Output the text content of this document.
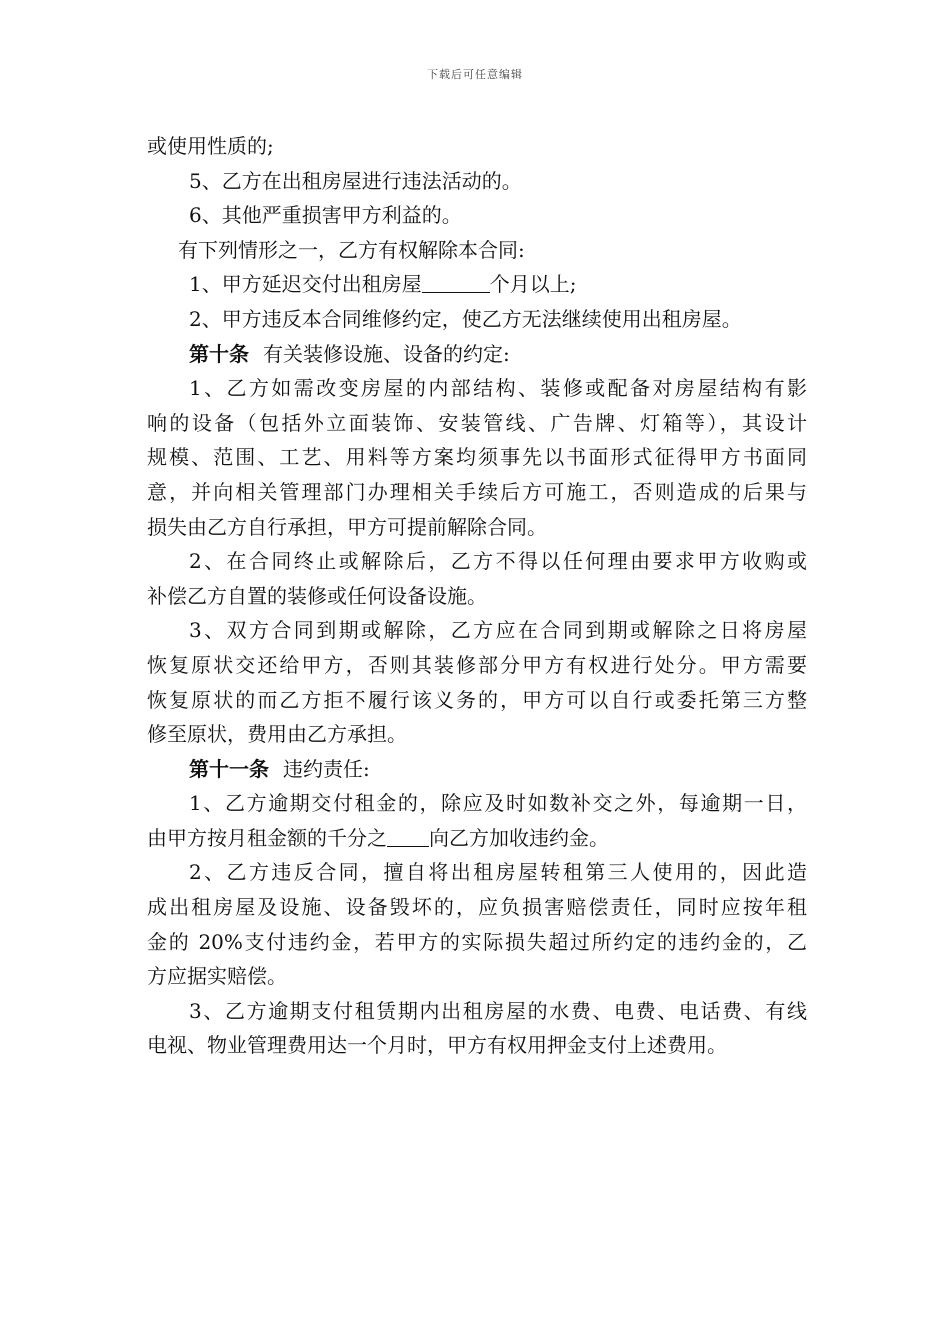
下载后可任意编辑
或使用性质的;
5、乙方在出租房屋进行违法活动的。
6、其他严重损害甲方利益的。
有下列情形之一，乙方有权解除本合同:
1、甲方延迟交付出租房屋	个月以上;
2、甲方违反本合同维修约定，使乙方无法继续使用出租房屋。
第十条 有关装修设施、设备的约定:
1、乙方如需改变房屋的内部结构、装修或配备对房屋结构有影
响的设备（包括外立面装饰、安装管线、广告牌、灯箱等），其设计
规模、范围、工艺、用料等方案均须事先以书面形式征得甲方书面同
意，并向相关管理部门办理相关手续后方可施工，否则造成的后果与
损失由乙方自行承担，甲方可提前解除合同。
2、在合同终止或解除后，乙方不得以任何理由要求甲方收购或
补偿乙方自置的装修或任何设备设施。
3、双方合同到期或解除，乙方应在合同到期或解除之日将房屋
恢复原状交还给甲方，否则其装修部分甲方有权进行处分。甲方需要
恢复原状的而乙方拒不履行该义务的，甲方可以自行或委托第三方整
修至原状，费用由乙方承担。
第十一条 违约责任:
1、乙方逾期交付租金的，除应及时如数补交之外，每逾期一日，
由甲方按月租金额的千分之 向乙方加收违约金。
2、乙方违反合同，擅自将出租房屋转租第三人使用的，因此造
成出租房屋及设施、设备毁坏的，应负损害赔偿责任，同时应按年租
金的 20%支付违约金，若甲方的实际损失超过所约定的违约金的，乙
方应据实赔偿。
3、乙方逾期支付租赁期内出租房屋的水费、电费、电话费、有线
电视、物业管理费用达一个月时，甲方有权用押金支付上述费用。
